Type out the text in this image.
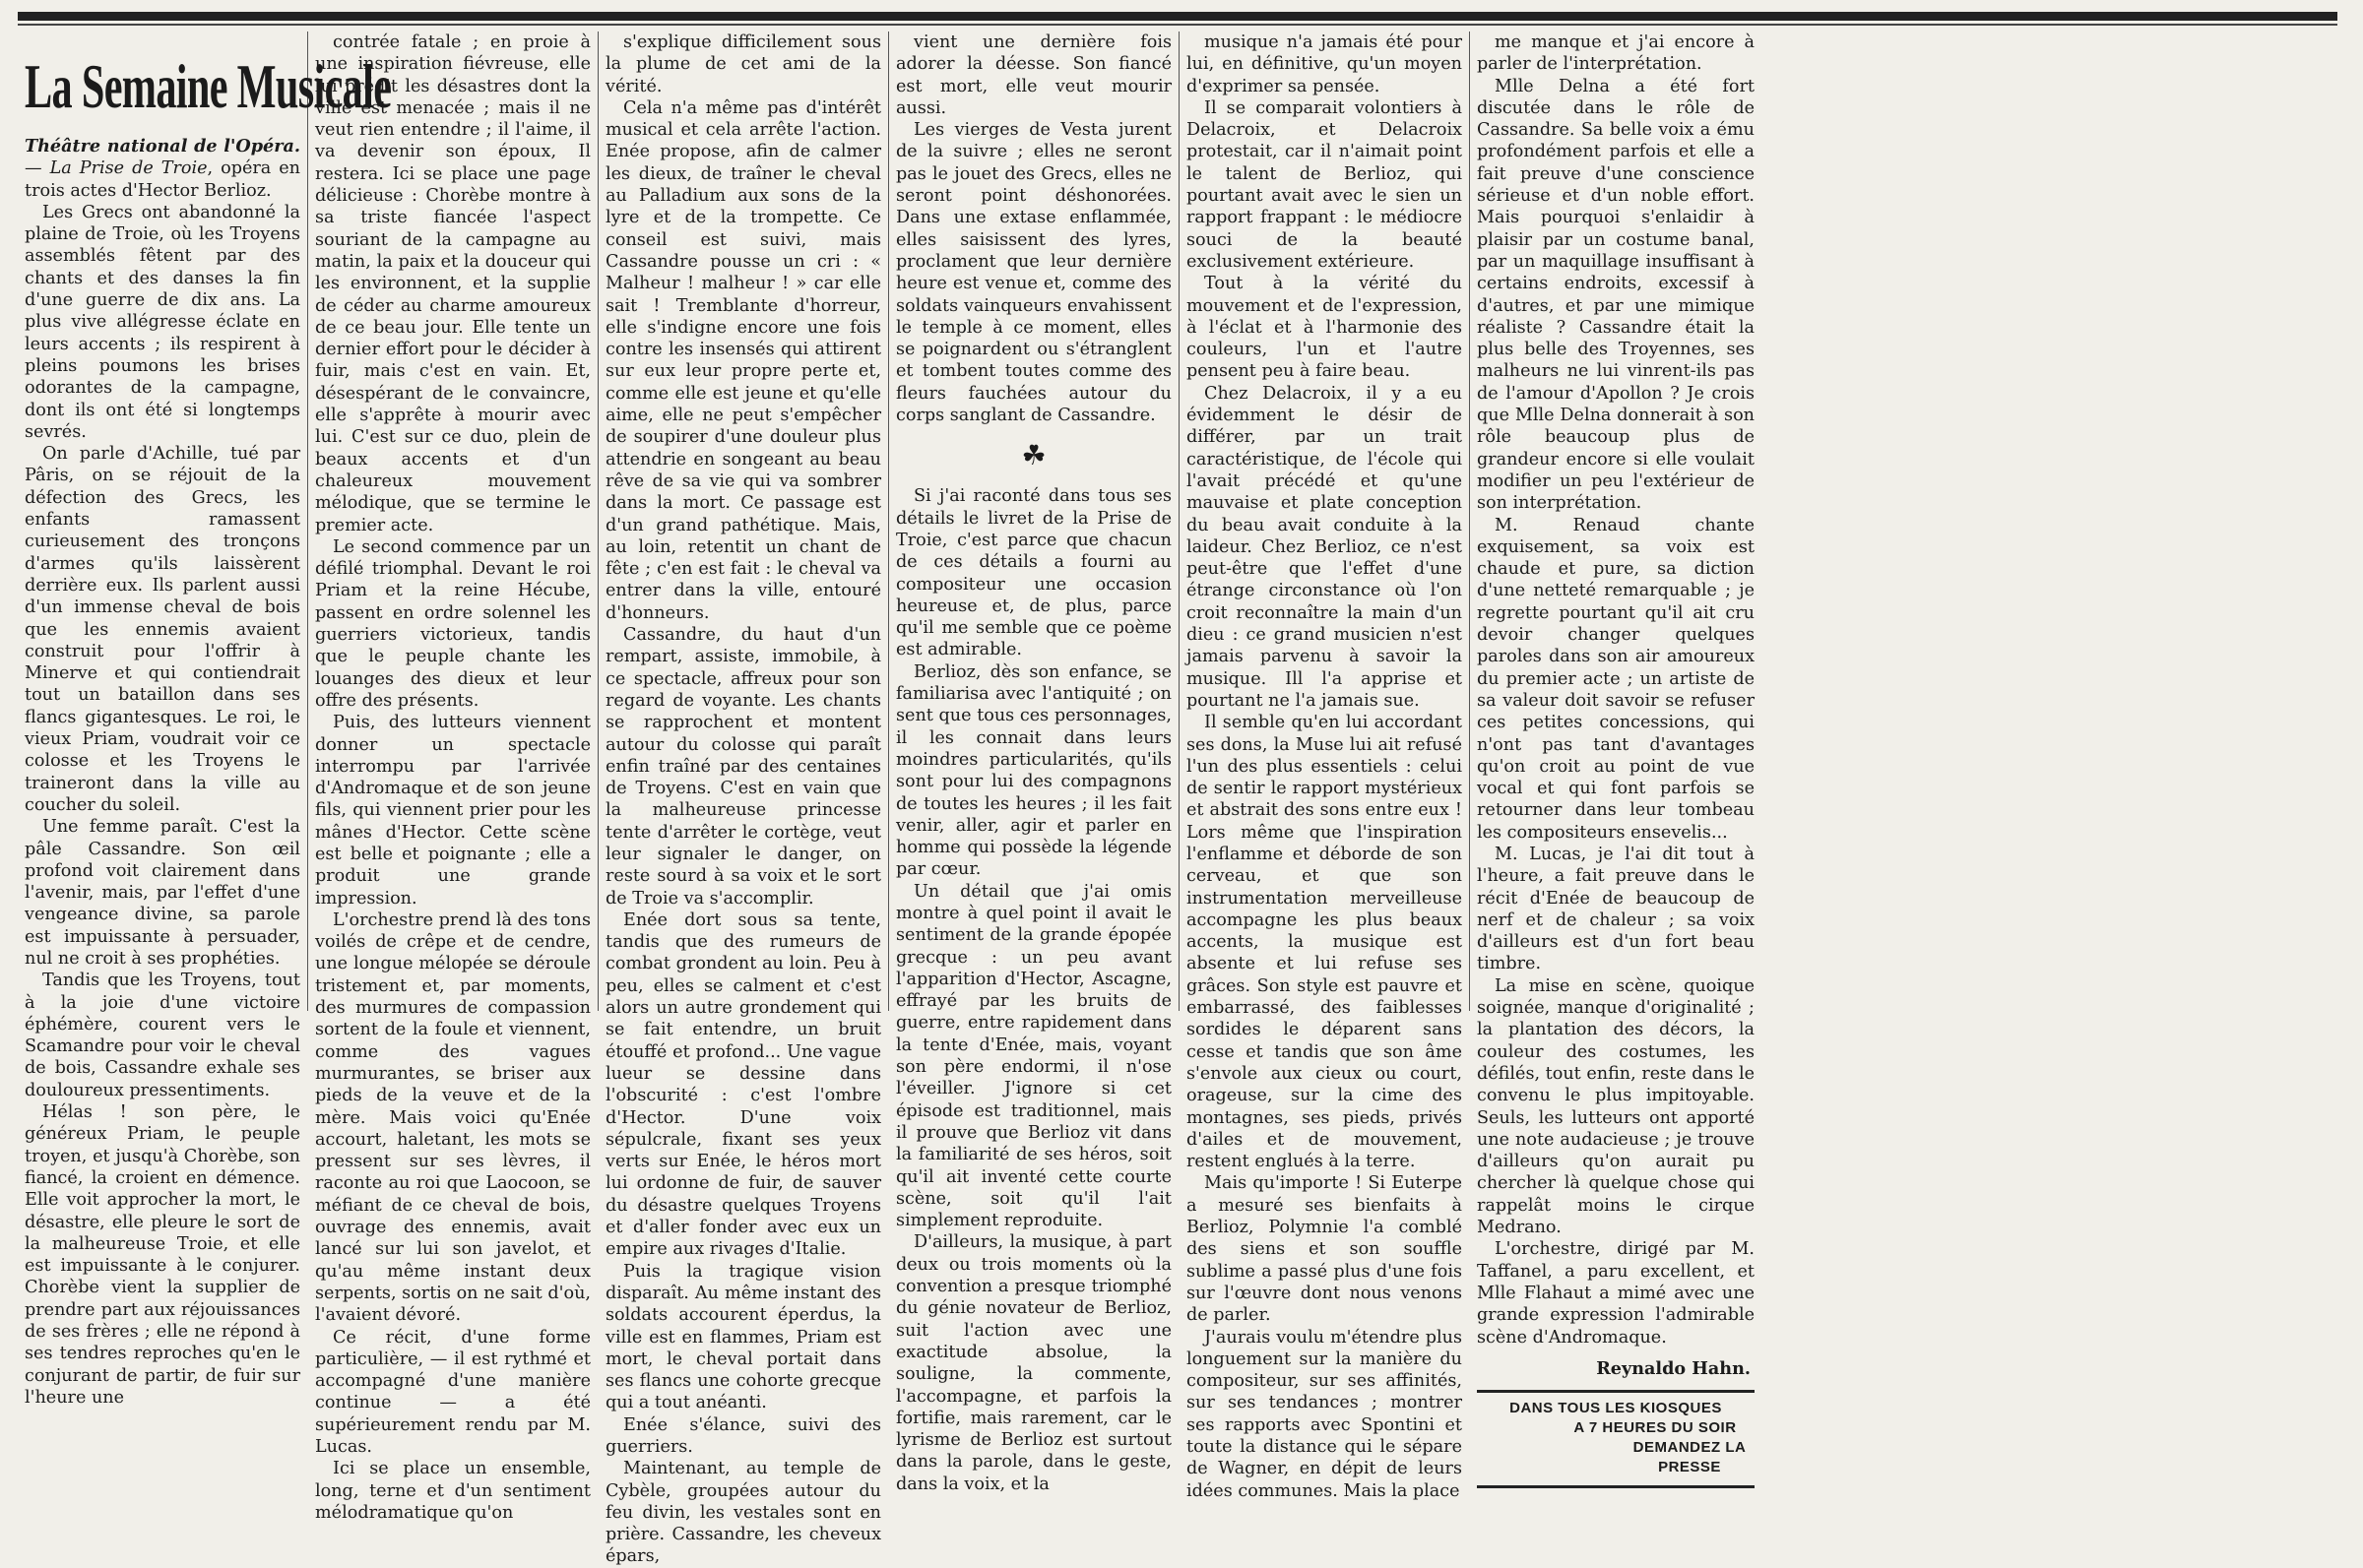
La Semaine Musicale

Théâtre national de l'Opéra. — La Prise de Troie, opéra en trois actes d'Hector Berlioz.

Les Grecs ont abandonné la plaine de Troie, où les Troyens assemblés fêtent par des chants et des danses la fin d'une guerre de dix ans. La plus vive allégresse éclate en leurs accents ; ils respirent à pleins poumons les brises odorantes de la campagne, dont ils ont été si longtemps sevrés.

On parle d'Achille, tué par Pâris, on se réjouit de la défection des Grecs, les enfants ramassent curieusement des tronçons d'armes qu'ils laissèrent derrière eux. Ils parlent aussi d'un immense cheval de bois que les ennemis avaient construit pour l'offrir à Minerve et qui contiendrait tout un bataillon dans ses flancs gigantesques. Le roi, le vieux Priam, voudrait voir ce colosse et les Troyens le traineront dans la ville au coucher du soleil.

Une femme paraît. C'est la pâle Cassandre. Son œil profond voit clairement dans l'avenir, mais, par l'effet d'une vengeance divine, sa parole est impuissante à persuader, nul ne croit à ses prophéties.

Tandis que les Troyens, tout à la joie d'une victoire éphémère, courent vers le Scamandre pour voir le cheval de bois, Cassandre exhale ses douloureux pressentiments.

Hélas ! son père, le généreux Priam, le peuple troyen, et jusqu'à Chorèbe, son fiancé, la croient en démence. Elle voit approcher la mort, le désastre, elle pleure le sort de la malheureuse Troie, et elle est impuissante à le conjurer. Chorèbe vient la supplier de prendre part aux réjouissances de ses frères ; elle ne répond à ses tendres reproches qu'en le conjurant de partir, de fuir sur l'heure une

contrée fatale ; en proie à une inspiration fiévreuse, elle lui prédit les désastres dont la ville est menacée ; mais il ne veut rien entendre ; il l'aime, il va devenir son époux, Il restera. Ici se place une page délicieuse : Chorèbe montre à sa triste fiancée l'aspect souriant de la campagne au matin, la paix et la douceur qui les environnent, et la supplie de céder au charme amoureux de ce beau jour. Elle tente un dernier effort pour le décider à fuir, mais c'est en vain. Et, désespérant de le convaincre, elle s'apprête à mourir avec lui. C'est sur ce duo, plein de beaux accents et d'un chaleureux mouvement mélodique, que se termine le premier acte.

Le second commence par un défilé triomphal. Devant le roi Priam et la reine Hécube, passent en ordre solennel les guerriers victorieux, tandis que le peuple chante les louanges des dieux et leur offre des présents.

Puis, des lutteurs viennent donner un spectacle interrompu par l'arrivée d'Andromaque et de son jeune fils, qui viennent prier pour les mânes d'Hector. Cette scène est belle et poignante ; elle a produit une grande impression.

L'orchestre prend là des tons voilés de crêpe et de cendre, une longue mélopée se déroule tristement et, par moments, des murmures de compassion sortent de la foule et viennent, comme des vagues murmurantes, se briser aux pieds de la veuve et de la mère. Mais voici qu'Enée accourt, haletant, les mots se pressent sur ses lèvres, il raconte au roi que Laocoon, se méfiant de ce cheval de bois, ouvrage des ennemis, avait lancé sur lui son javelot, et qu'au même instant deux serpents, sortis on ne sait d'où, l'avaient dévoré.

Ce récit, d'une forme particulière, — il est rythmé et accompagné d'une manière continue — a été supérieurement rendu par M. Lucas.

Ici se place un ensemble, long, terne et d'un sentiment mélodramatique qu'on

s'explique difficilement sous la plume de cet ami de la vérité.

Cela n'a même pas d'intérêt musical et cela arrête l'action. Enée propose, afin de calmer les dieux, de traîner le cheval au Palladium aux sons de la lyre et de la trompette. Ce conseil est suivi, mais Cassandre pousse un cri : « Malheur ! malheur ! » car elle sait ! Tremblante d'horreur, elle s'indigne encore une fois contre les insensés qui attirent sur eux leur propre perte et, comme elle est jeune et qu'elle aime, elle ne peut s'empêcher de soupirer d'une douleur plus attendrie en songeant au beau rêve de sa vie qui va sombrer dans la mort. Ce passage est d'un grand pathétique. Mais, au loin, retentit un chant de fête ; c'en est fait : le cheval va entrer dans la ville, entouré d'honneurs.

Cassandre, du haut d'un rempart, assiste, immobile, à ce spectacle, affreux pour son regard de voyante. Les chants se rapprochent et montent autour du colosse qui paraît enfin traîné par des centaines de Troyens. C'est en vain que la malheureuse princesse tente d'arrêter le cortège, veut leur signaler le danger, on reste sourd à sa voix et le sort de Troie va s'accomplir.

Enée dort sous sa tente, tandis que des rumeurs de combat grondent au loin. Peu à peu, elles se calment et c'est alors un autre grondement qui se fait entendre, un bruit étouffé et profond... Une vague lueur se dessine dans l'obscurité : c'est l'ombre d'Hector. D'une voix sépulcrale, fixant ses yeux verts sur Enée, le héros mort lui ordonne de fuir, de sauver du désastre quelques Troyens et d'aller fonder avec eux un empire aux rivages d'Italie.

Puis la tragique vision disparaît. Au même instant des soldats accourent éperdus, la ville est en flammes, Priam est mort, le cheval portait dans ses flancs une cohorte grecque qui a tout anéanti.

Enée s'élance, suivi des guerriers.

Maintenant, au temple de Cybèle, groupées autour du feu divin, les vestales sont en prière. Cassandre, les cheveux épars,

vient une dernière fois adorer la déesse. Son fiancé est mort, elle veut mourir aussi.

Les vierges de Vesta jurent de la suivre ; elles ne seront pas le jouet des Grecs, elles ne seront point déshonorées. Dans une extase enflammée, elles saisissent des lyres, proclament que leur dernière heure est venue et, comme des soldats vainqueurs envahissent le temple à ce moment, elles se poignardent ou s'étranglent et tombent toutes comme des fleurs fauchées autour du corps sanglant de Cassandre.

☘

Si j'ai raconté dans tous ses détails le livret de la Prise de Troie, c'est parce que chacun de ces détails a fourni au compositeur une occasion heureuse et, de plus, parce qu'il me semble que ce poème est admirable.

Berlioz, dès son enfance, se familiarisa avec l'antiquité ; on sent que tous ces personnages, il les connait dans leurs moindres particularités, qu'ils sont pour lui des compagnons de toutes les heures ; il les fait venir, aller, agir et parler en homme qui possède la légende par cœur.

Un détail que j'ai omis montre à quel point il avait le sentiment de la grande épopée grecque : un peu avant l'apparition d'Hector, Ascagne, effrayé par les bruits de guerre, entre rapidement dans la tente d'Enée, mais, voyant son père endormi, il n'ose l'éveiller. J'ignore si cet épisode est traditionnel, mais il prouve que Berlioz vit dans la familiarité de ses héros, soit qu'il ait inventé cette courte scène, soit qu'il l'ait simplement reproduite.

D'ailleurs, la musique, à part deux ou trois moments où la convention a presque triomphé du génie novateur de Berlioz, suit l'action avec une exactitude absolue, la souligne, la commente, l'accompagne, et parfois la fortifie, mais rarement, car le lyrisme de Berlioz est surtout dans la parole, dans le geste, dans la voix, et la

musique n'a jamais été pour lui, en définitive, qu'un moyen d'exprimer sa pensée.

Il se comparait volontiers à Delacroix, et Delacroix protestait, car il n'aimait point le talent de Berlioz, qui pourtant avait avec le sien un rapport frappant : le médiocre souci de la beauté exclusivement extérieure.

Tout à la vérité du mouvement et de l'expression, à l'éclat et à l'harmonie des couleurs, l'un et l'autre pensent peu à faire beau.

Chez Delacroix, il y a eu évidemment le désir de différer, par un trait caractéristique, de l'école qui l'avait précédé et qu'une mauvaise et plate conception du beau avait conduite à la laideur. Chez Berlioz, ce n'est peut-être que l'effet d'une étrange circonstance où l'on croit reconnaître la main d'un dieu : ce grand musicien n'est jamais parvenu à savoir la musique. Ill l'a apprise et pourtant ne l'a jamais sue.

Il semble qu'en lui accordant ses dons, la Muse lui ait refusé l'un des plus essentiels : celui de sentir le rapport mystérieux et abstrait des sons entre eux ! Lors même que l'inspiration l'enflamme et déborde de son cerveau, et que son instrumentation merveilleuse accompagne les plus beaux accents, la musique est absente et lui refuse ses grâces. Son style est pauvre et embarrassé, des faiblesses sordides le déparent sans cesse et tandis que son âme s'envole aux cieux ou court, orageuse, sur la cime des montagnes, ses pieds, privés d'ailes et de mouvement, restent englués à la terre.

Mais qu'importe ! Si Euterpe a mesuré ses bienfaits à Berlioz, Polymnie l'a comblé des siens et son souffle sublime a passé plus d'une fois sur l'œuvre dont nous venons de parler.

J'aurais voulu m'étendre plus longuement sur la manière du compositeur, sur ses affinités, sur ses tendances ; montrer ses rapports avec Spontini et toute la distance qui le sépare de Wagner, en dépit de leurs idées communes. Mais la place

me manque et j'ai encore à parler de l'interprétation.

Mlle Delna a été fort discutée dans le rôle de Cassandre. Sa belle voix a ému profondément parfois et elle a fait preuve d'une conscience sérieuse et d'un noble effort. Mais pourquoi s'enlaidir à plaisir par un costume banal, par un maquillage insuffisant à certains endroits, excessif à d'autres, et par une mimique réaliste ? Cassandre était la plus belle des Troyennes, ses malheurs ne lui vinrent-ils pas de l'amour d'Apollon ? Je crois que Mlle Delna donnerait à son rôle beaucoup plus de grandeur encore si elle voulait modifier un peu l'extérieur de son interprétation.

M. Renaud chante exquisement, sa voix est chaude et pure, sa diction d'une netteté remarquable ; je regrette pourtant qu'il ait cru devoir changer quelques paroles dans son air amoureux du premier acte ; un artiste de sa valeur doit savoir se refuser ces petites concessions, qui n'ont pas tant d'avantages qu'on croit au point de vue vocal et qui font parfois se retourner dans leur tombeau les compositeurs ensevelis...

M. Lucas, je l'ai dit tout à l'heure, a fait preuve dans le récit d'Enée de beaucoup de nerf et de chaleur ; sa voix d'ailleurs est d'un fort beau timbre.

La mise en scène, quoique soignée, manque d'originalité ; la plantation des décors, la couleur des costumes, les défilés, tout enfin, reste dans le convenu le plus impitoyable. Seuls, les lutteurs ont apporté une note audacieuse ; je trouve d'ailleurs qu'on aurait pu chercher là quelque chose qui rappelât moins le cirque Medrano.

L'orchestre, dirigé par M. Taffanel, a paru excellent, et Mlle Flahaut a mimé avec une grande expression l'admirable scène d'Andromaque.

Reynaldo Hahn.
DANS TOUS LES KIOSQUES
A 7 HEURES DU SOIR
DEMANDEZ LA PRESSE
